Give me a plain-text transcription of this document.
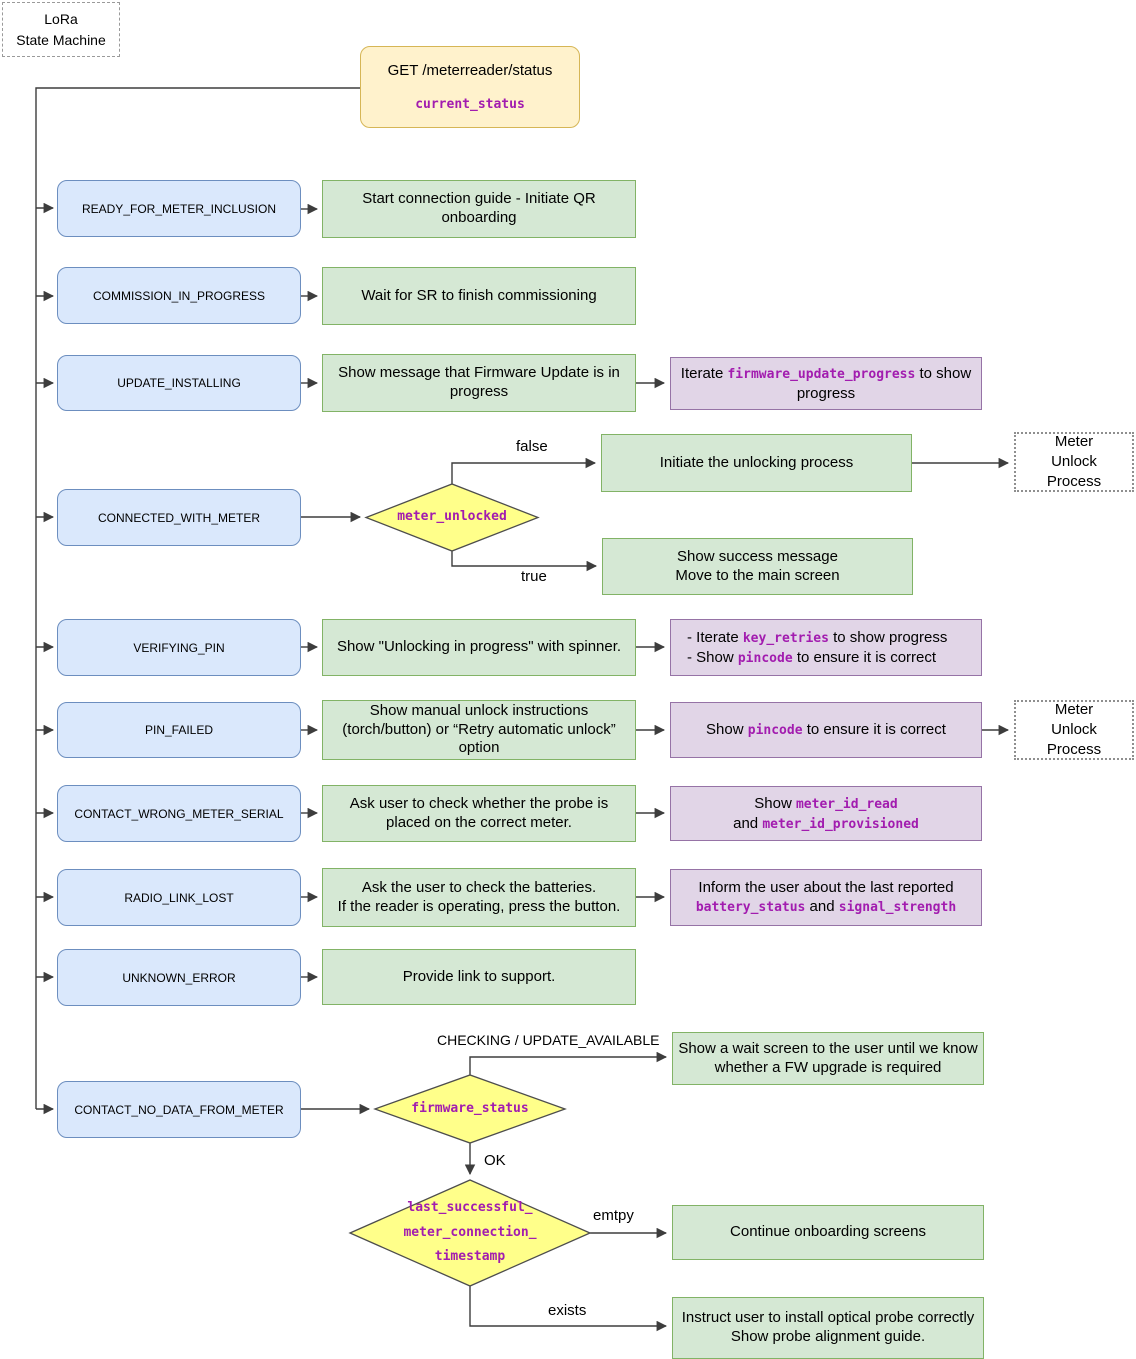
LoRa
State Machine
GET /meterreader/status
current_status
READY_FOR_METER_INCLUSION
COMMISSION_IN_PROGRESS
UPDATE_INSTALLING
CONNECTED_WITH_METER
VERIFYING_PIN
PIN_FAILED
CONTACT_WRONG_METER_SERIAL
RADIO_LINK_LOST
UNKNOWN_ERROR
CONTACT_NO_DATA_FROM_METER
Start connection guide - Initiate QR onboarding
Wait for SR to finish commissioning
Show message that Firmware Update is in progress
Show "Unlocking in progress" with spinner.
Show manual unlock instructions (torch/button) or “Retry automatic unlock” option
Ask user to check whether the probe is placed on the correct meter.
Ask the user to check the batteries.
If the reader is operating, press the button.
Provide link to support.
Iterate firmware_update_progress to show progress
- Iterate key_retries to show progress
- Show pincode to ensure it is correct
Show pincode to ensure it is correct
Show meter_id_read
and meter_id_provisioned
Inform the user about the last reported
battery_status and signal_strength
Initiate the unlocking process
Show success message
Move to the main screen
Meter Unlock Process
Meter Unlock Process
Show a wait screen to the user until we know whether a FW upgrade is required
Continue onboarding screens
Instruct user to install optical probe correctly
Show probe alignment guide.
meter_unlocked
firmware_status
last_successful_
meter_connection_
timestamp
false
true
CHECKING / UPDATE_AVAILABLE
OK
emtpy
exists
